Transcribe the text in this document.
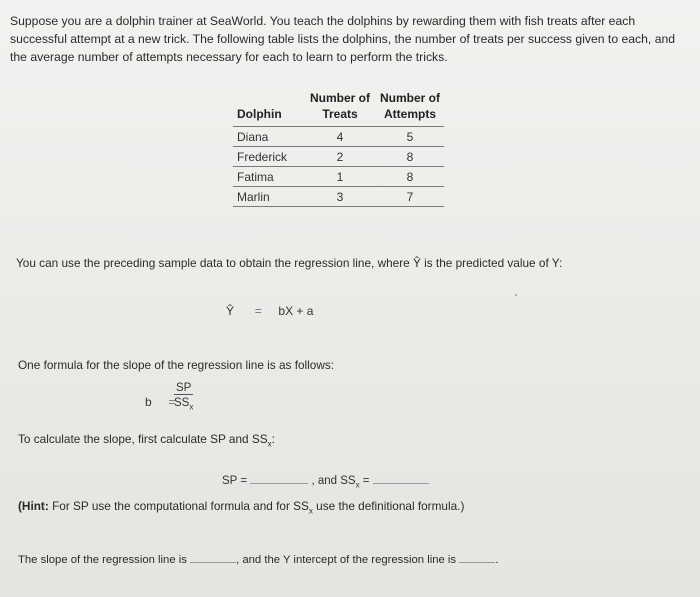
Suppose you are a dolphin trainer at SeaWorld. You teach the dolphins by rewarding them with fish treats after each successful attempt at a new trick. The following table lists the dolphins, the number of treats per success given to each, and the average number of attempts necessary for each to learn to perform the tricks.
	Number of	Number of
Dolphin	Treats	Attempts
Diana	4	5
Frederick	2	8
Fatima	1	8
Marlin	3	7
You can use the preceding sample data to obtain the regression line, where Ŷ is the predicted value of Y:
Ŷ = bX + a
One formula for the slope of the regression line is as follows:
b =
SP
$SS_x$
To calculate the slope, first calculate SP and $SS_x$:
SP =	, and $SS_x$ =
(Hint: For SP use the computational formula and for $SS_x$ use the definitional formula.)
The slope of the regression line is	, and the Y intercept of the regression line is	.
